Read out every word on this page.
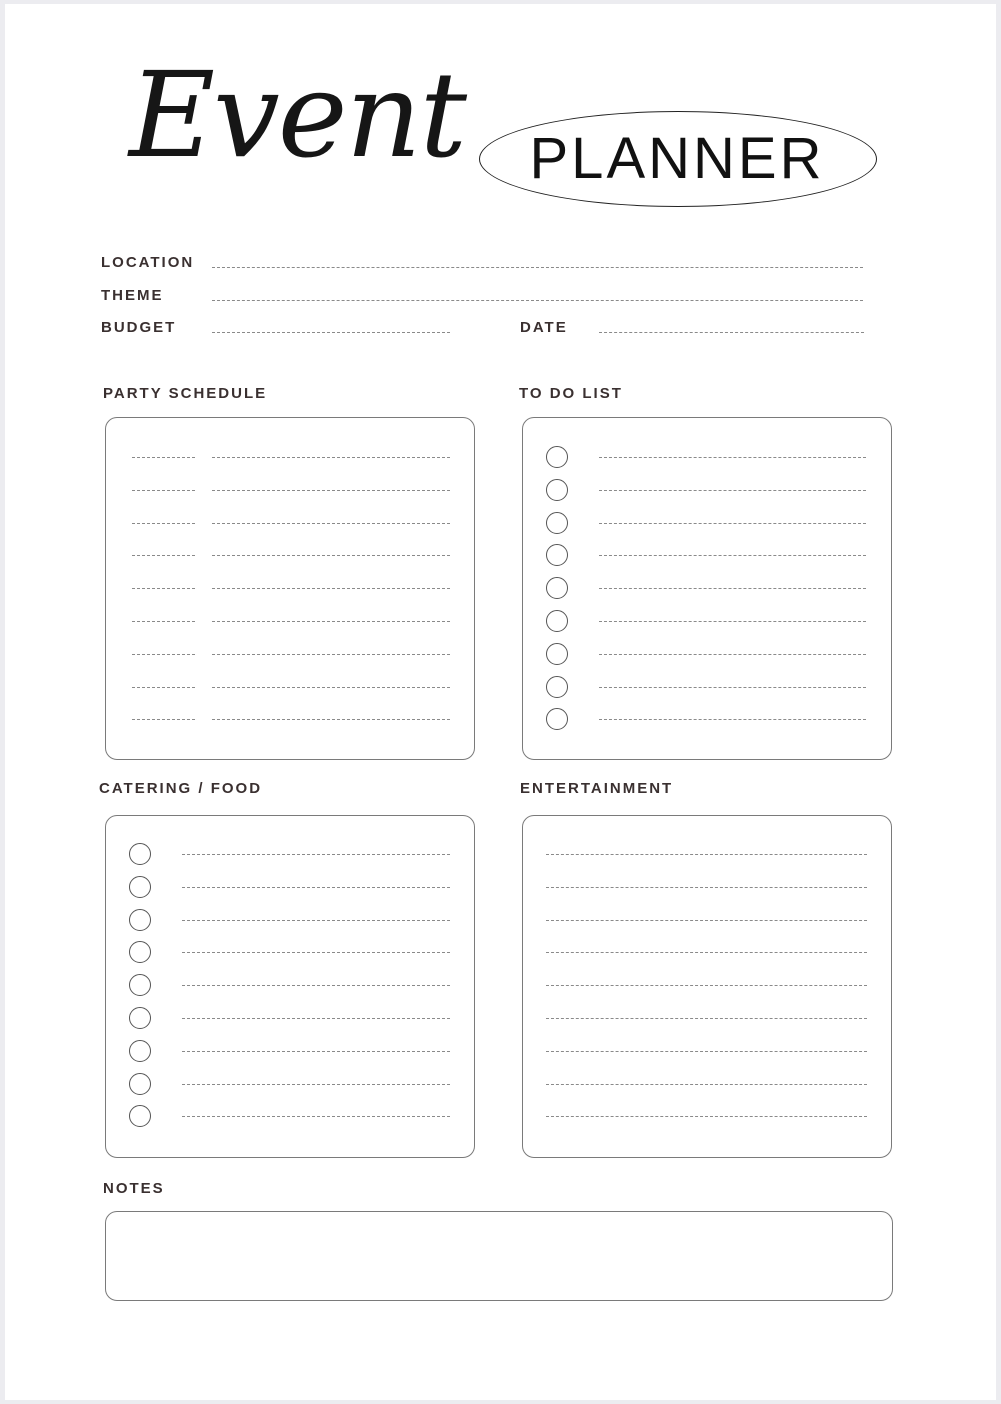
Event	PLANNER
LOCATION
THEME
BUDGET	DATE
PARTY SCHEDULE	TO DO LIST
CATERING / FOOD	ENTERTAINMENT
NOTES
